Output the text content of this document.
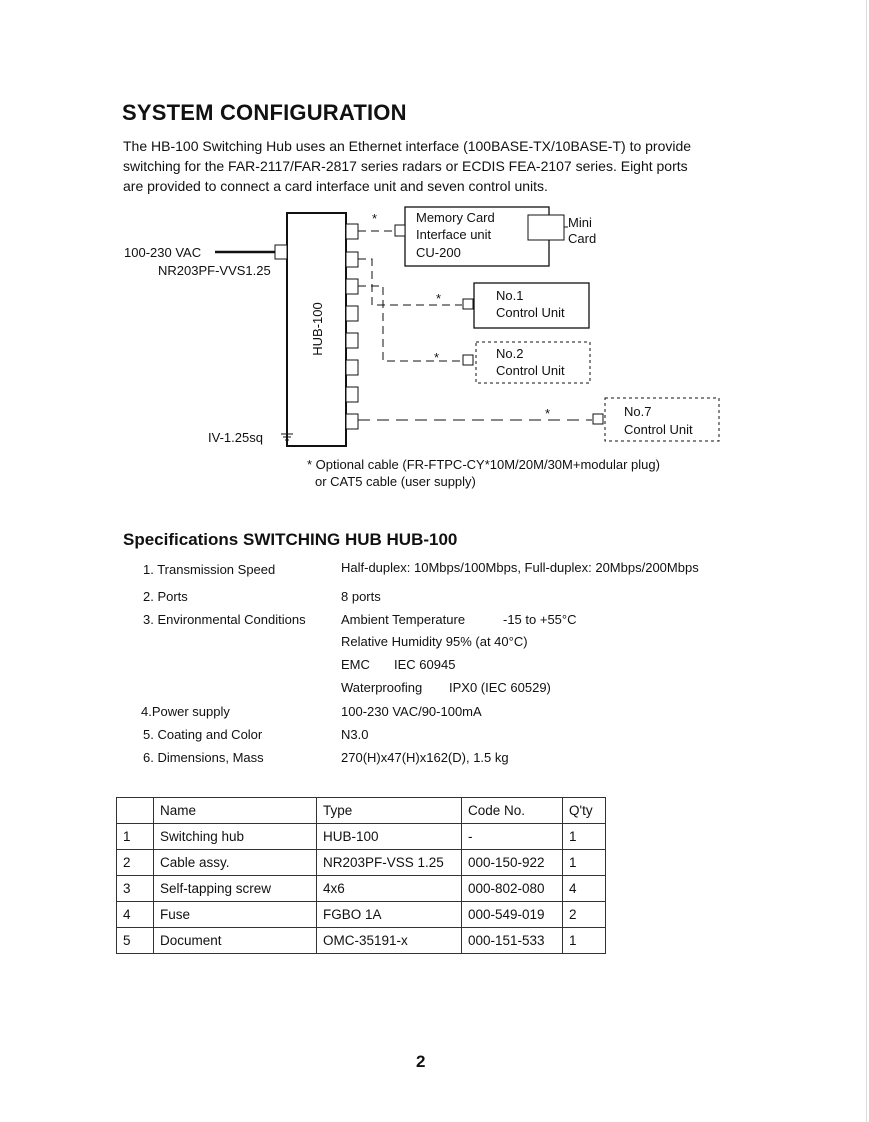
SYSTEM CONFIGURATION

The HB-100 Switching Hub uses an Ethernet interface (100BASE-TX/10BASE-T) to provide
switching for the FAR-2117/FAR-2817 series radars or ECDIS FEA-2107 series. Eight ports
are provided to connect a card interface unit and seven control units.

HUB-100
100-230 VAC
NR203PF-VVS1.25
IV-1.25sq
Memory Card
Interface unit
CU-200
Mini
Card
*
No.1
Control Unit
*
No.2
Control Unit
*
No.7
Control Unit
*
* Optional cable (FR-FTPC-CY*10M/20M/30M+modular plug)
or CAT5 cable (user supply)
Specifications SWITCHING HUB HUB-100
1. Transmission Speed	Half-duplex: 10Mbps/100Mbps, Full-duplex: 20Mbps/200Mbps
2. Ports	8 ports
3. Environmental Conditions	Ambient Temperature	-15 to +55°C
Relative Humidity 95% (at 40°C)
EMC IEC 60945
Waterproofing IPX0 (IEC 60529)
4.Power supply	100-230 VAC/90-100mA
5. Coating and Color	N3.0
6. Dimensions, Mass	270(H)x47(H)x162(D), 1.5 kg
	Name	Type	Code No.	Q'ty
1	Switching hub	HUB-100	-	1
2	Cable assy.	NR203PF-VSS 1.25	000-150-922	1
3	Self-tapping screw	4x6	000-802-080	4
4	Fuse	FGBO 1A	000-549-019	2
5	Document	OMC-35191-x	000-151-533	1
2
